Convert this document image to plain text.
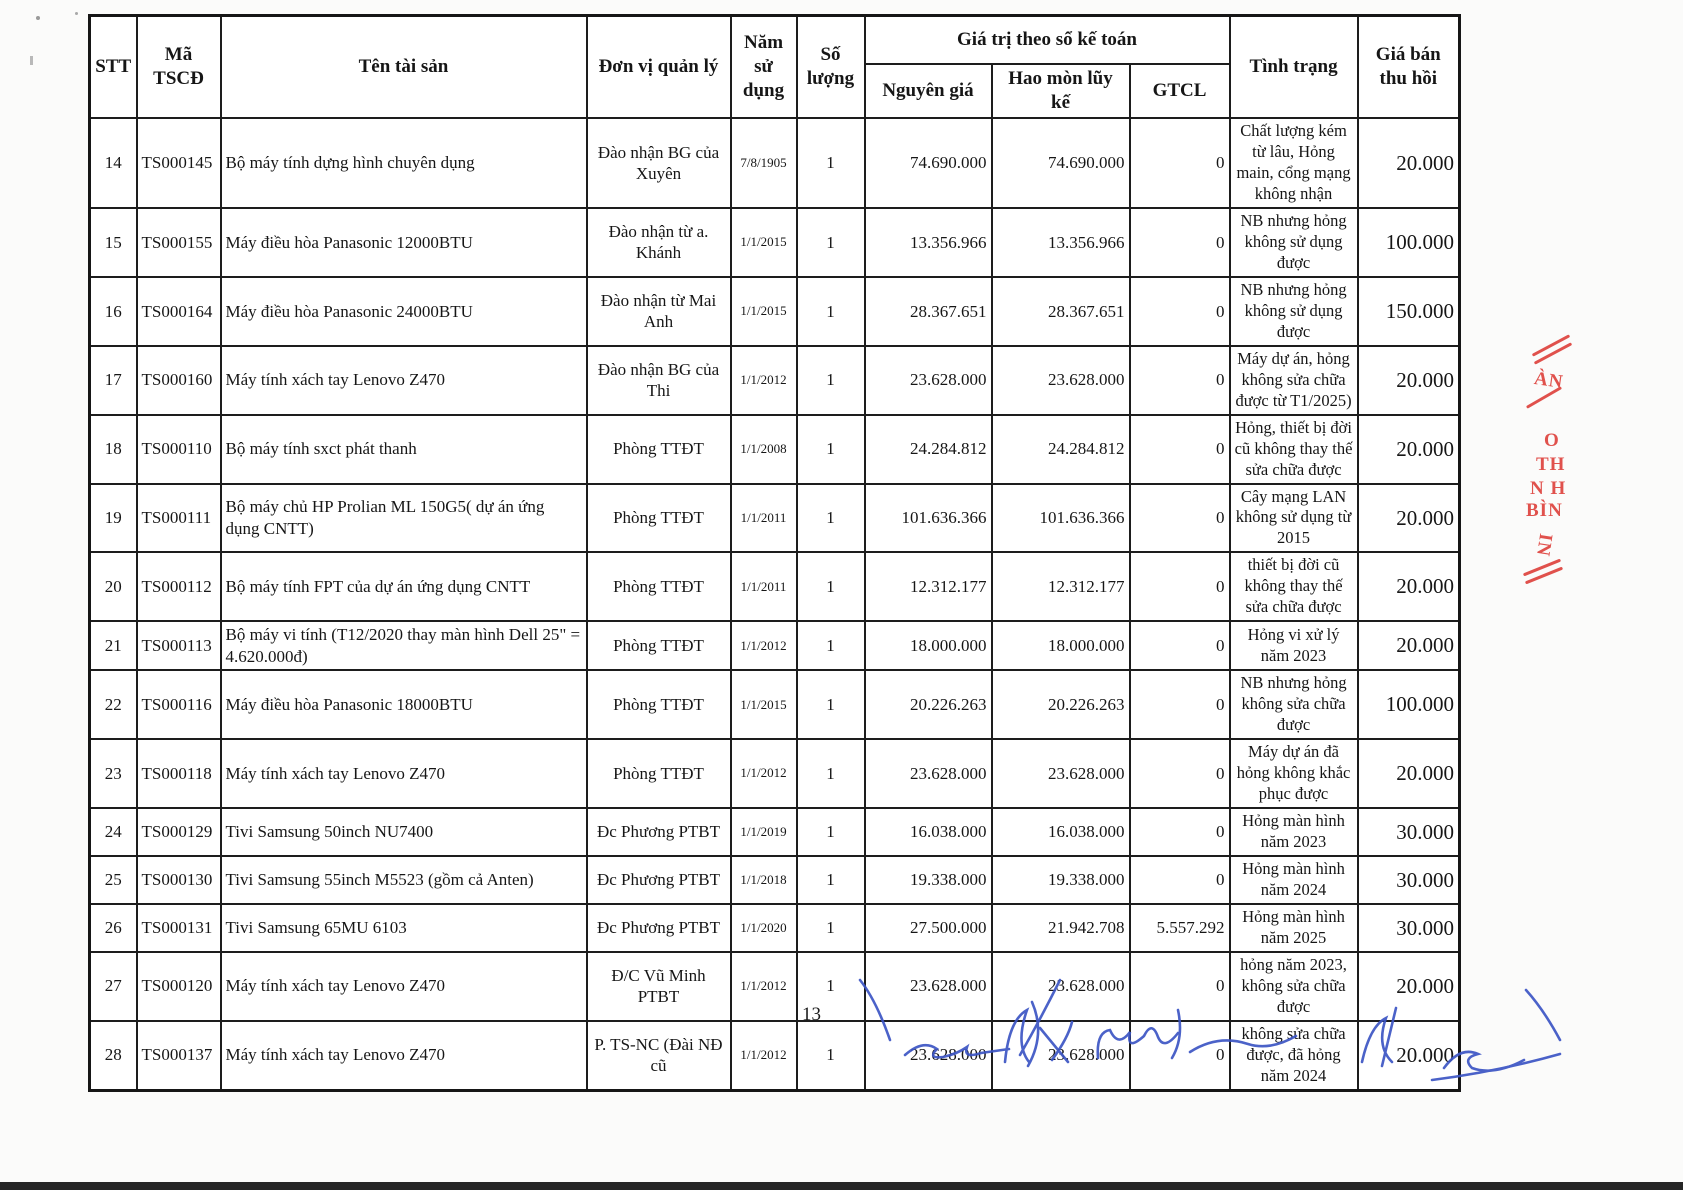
STT	Mã TSCĐ	Tên tài sản	Đơn vị quản lý	Năm sử dụng	Số lượng	Giá trị theo sổ kế toán			Tình trạng	Giá bán thu hồi
						Nguyên giá	Hao mòn lũy kế	GTCL		
14	TS000145	Bộ máy tính dựng hình chuyên dụng	Đào nhận BG của Xuyên	7/8/1905	1	74.690.000	74.690.000	0	Chất lượng kém từ lâu, Hỏng main, cổng mạng không nhận	20.000
15	TS000155	Máy điều hòa Panasonic 12000BTU	Đào nhận từ a. Khánh	1/1/2015	1	13.356.966	13.356.966	0	NB nhưng hỏng không sử dụng được	100.000
16	TS000164	Máy điều hòa Panasonic 24000BTU	Đào nhận từ Mai Anh	1/1/2015	1	28.367.651	28.367.651	0	NB nhưng hỏng không sử dụng được	150.000
17	TS000160	Máy tính xách tay Lenovo Z470	Đào nhận BG của Thi	1/1/2012	1	23.628.000	23.628.000	0	Máy dự án, hỏng không sửa chữa được từ T1/2025)	20.000
18	TS000110	Bộ máy tính sxct phát thanh	Phòng TTĐT	1/1/2008	1	24.284.812	24.284.812	0	Hỏng, thiết bị đời cũ không thay thế sửa chữa được	20.000
19	TS000111	Bộ máy chủ HP Prolian ML 150G5( dự án ứng dụng CNTT)	Phòng TTĐT	1/1/2011	1	101.636.366	101.636.366	0	Cây mạng LAN không sử dụng từ 2015	20.000
20	TS000112	Bộ máy tính FPT của dự án ứng dụng CNTT	Phòng TTĐT	1/1/2011	1	12.312.177	12.312.177	0	thiết bị đời cũ không thay thế sửa chữa được	20.000
21	TS000113	Bộ máy vi tính (T12/2020 thay màn hình Dell 25" = 4.620.000đ)	Phòng TTĐT	1/1/2012	1	18.000.000	18.000.000	0	Hỏng vi xử lý năm 2023	20.000
22	TS000116	Máy điều hòa Panasonic 18000BTU	Phòng TTĐT	1/1/2015	1	20.226.263	20.226.263	0	NB nhưng hỏng không sửa chữa được	100.000
23	TS000118	Máy tính xách tay Lenovo Z470	Phòng TTĐT	1/1/2012	1	23.628.000	23.628.000	0	Máy dự án đã hỏng không khắc phục được	20.000
24	TS000129	Tivi Samsung 50inch NU7400	Đc Phương PTBT	1/1/2019	1	16.038.000	16.038.000	0	Hỏng màn hình năm 2023	30.000
25	TS000130	Tivi Samsung 55inch M5523 (gồm cả Anten)	Đc Phương PTBT	1/1/2018	1	19.338.000	19.338.000	0	Hỏng màn hình năm 2024	30.000
26	TS000131	Tivi Samsung 65MU 6103	Đc Phương PTBT	1/1/2020	1	27.500.000	21.942.708	5.557.292	Hỏng màn hình năm 2025	30.000
27	TS000120	Máy tính xách tay Lenovo Z470	Đ/C Vũ Minh PTBT	1/1/2012	1	23.628.000	23.628.000	0	hỏng năm 2023, không sửa chữa được	20.000
28	TS000137	Máy tính xách tay Lenovo Z470	P. TS-NC (Đài NĐ cũ	1/1/2012	1	23.628.000	23.628.000	0	không sửa chữa được, đã hỏng năm 2024	20.000
13
ÀN
O
TH
N H
BÌN
IN
